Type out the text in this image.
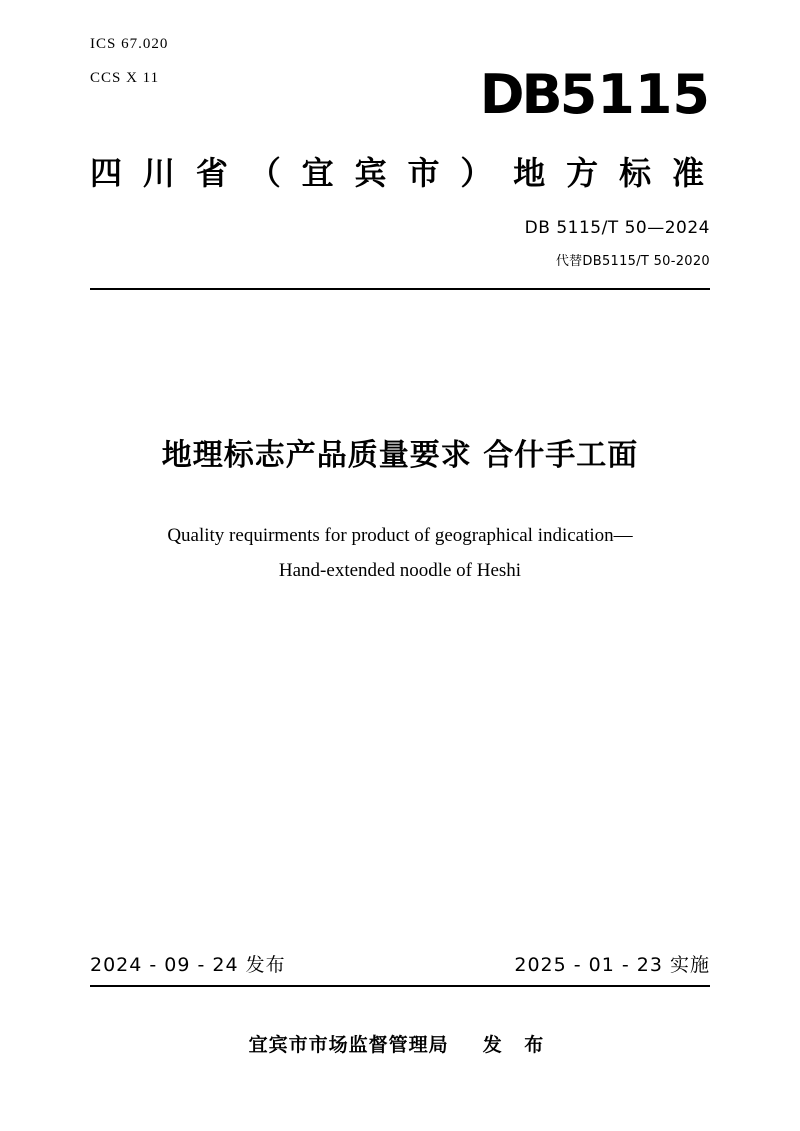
ICS 67.020
CCS X 11	DB5115
四 川 省 （ 宜 宾 市 ） 地 方 标 准
DB 5115/T 50—2024
代替DB5115/T 50-2020
地理标志产品质量要求 合什手工面
Quality requirments for product of geographical indication—
Hand-extended noodle of Heshi
2024 - 09 - 24 发布	2025 - 01 - 23 实施
宜宾市市场监督管理局 发 布
